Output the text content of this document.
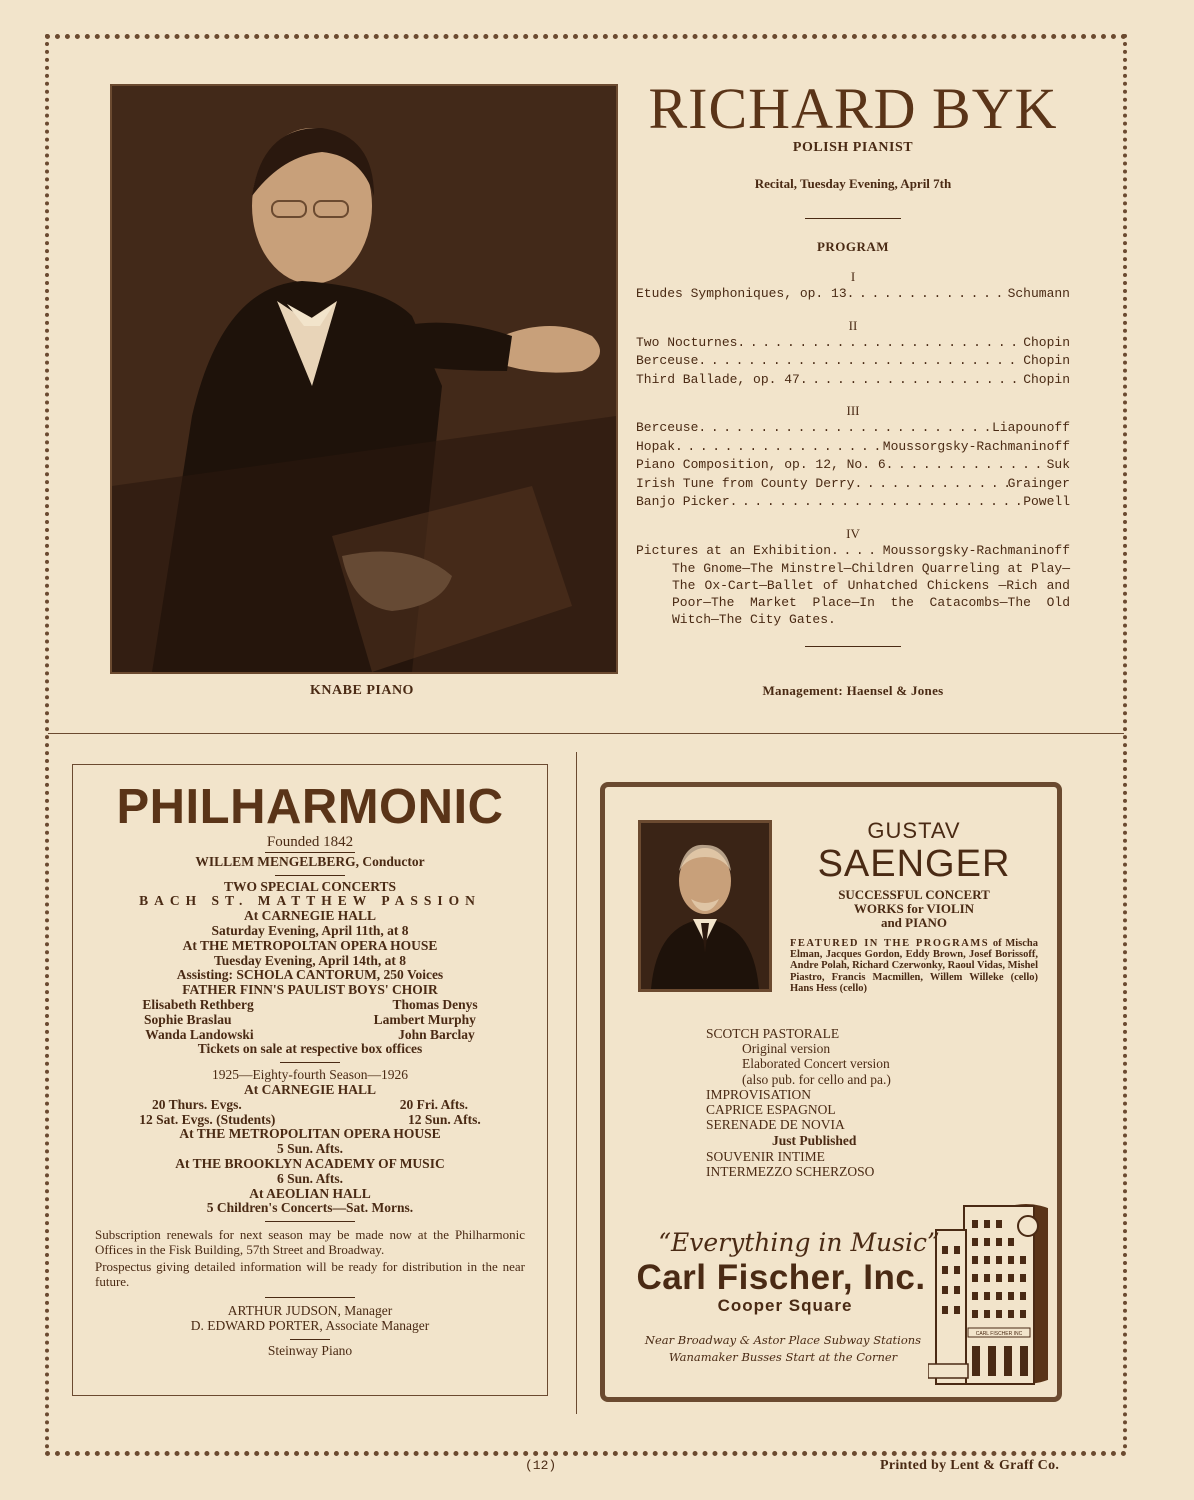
KNABE PIANO
RICHARD BYK
POLISH PIANIST
Recital, Tuesday Evening, April 7th
PROGRAM
I
Etudes Symphoniques, op. 13 . . .	Schumann
II
Two Nocturnes . . .	Chopin
Berceuse . . .	Chopin
Third Ballade, op. 47 . . .	Chopin
III
Berceuse . . .	Liapounoff
Hopak . . .	Moussorgsky-Rachmaninoff
Piano Composition, op. 12, No. 6 . . .	Suk
Irish Tune from County Derry . . .	Grainger
Banjo Picker . . .	Powell
IV
Pictures at an Exhibition . . .	Moussorgsky-Rachmaninoff
The Gnome—The Minstrel—Children Quarreling at Play—The Ox-Cart—Ballet of Unhatched Chickens —Rich and Poor—The Market Place—In the Catacombs—The Old Witch—The City Gates.
Management: Haensel & Jones
PHILHARMONIC
Founded 1842
WILLEM MENGELBERG, Conductor
TWO SPECIAL CONCERTS
BACH ST. MATTHEW PASSION
At CARNEGIE HALL
Saturday Evening, April 11th, at 8
At THE METROPOLTAN OPERA HOUSE
Tuesday Evening, April 14th, at 8
Assisting: SCHOLA CANTORUM, 250 Voices
FATHER FINN'S PAULIST BOYS' CHOIR
Elisabeth Rethberg	Thomas Denys
Sophie Braslau	Lambert Murphy
Wanda Landowski	John Barclay
Tickets on sale at respective box offices
1925—Eighty-fourth Season—1926
At CARNEGIE HALL
20 Thurs. Evgs.	20 Fri. Afts.
12 Sat. Evgs. (Students)	12 Sun. Afts.
At THE METROPOLITAN OPERA HOUSE
5 Sun. Afts.
At THE BROOKLYN ACADEMY OF MUSIC
6 Sun. Afts.
At AEOLIAN HALL
5 Children's Concerts—Sat. Morns.
Subscription renewals for next season may be made now at the Philharmonic Offices in the Fisk Building, 57th Street and Broadway.
Prospectus giving detailed information will be ready for distribution in the near future.
ARTHUR JUDSON, Manager
D. EDWARD PORTER, Associate Manager
Steinway Piano
GUSTAV
SAENGER
SUCCESSFUL CONCERT
WORKS for VIOLIN
and PIANO
FEATURED IN THE PROGRAMS of Mischa Elman, Jacques Gordon, Eddy Brown, Josef Borissoff, Andre Polah, Richard Czerwonky, Raoul Vidas, Mishel Piastro, Francis Macmillen, Willem Willeke (cello) Hans Hess (cello)
SCOTCH PASTORALE
Original version
Elaborated Concert version
(also pub. for cello and pa.)
IMPROVISATION
CAPRICE ESPAGNOL
SERENADE DE NOVIA
Just Published
SOUVENIR INTIME
INTERMEZZO SCHERZOSO
CARL FISCHER INC
“Everything in Music”
Carl Fischer, Inc.
Cooper Square
Near Broadway & Astor Place Subway Stations
Wanamaker Busses Start at the Corner
(12)	Printed by Lent & Graff Co.
